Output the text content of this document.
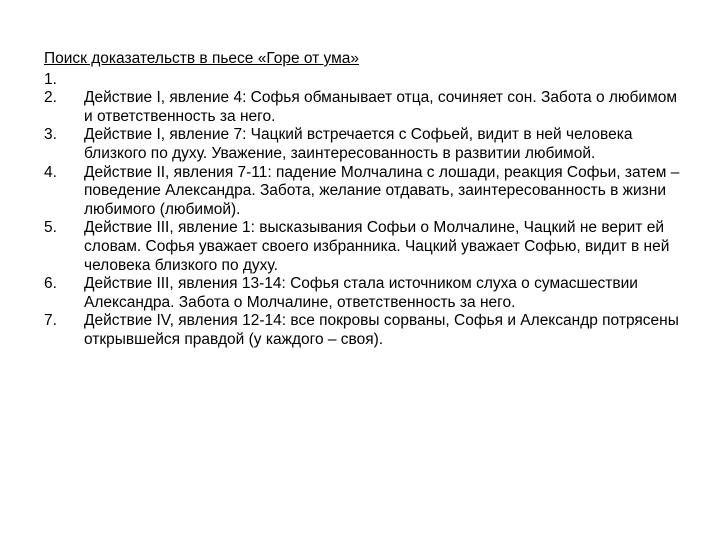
Поиск доказательств в пьесе «Горе от ума»
1.
2.	Действие I, явление 4: Софья обманывает отца, сочиняет сон. Забота о любимом и ответственность за него.
3.	Действие I, явление 7: Чацкий встречается с Софьей, видит в ней человека близкого по духу. Уважение, заинтересованность в развитии любимой.
4.	Действие II, явления 7-11: падение Молчалина с лошади, реакция Софьи, затем – поведение Александра. Забота, желание отдавать, заинтересованность в жизни любимого (любимой).
5.	Действие III, явление 1: высказывания Софьи о Молчалине, Чацкий не верит ей словам. Софья уважает своего избранника. Чацкий уважает Софью, видит в ней человека близкого по духу.
6.	Действие III, явления 13-14: Софья стала источником слуха о сумасшествии Александра. Забота о Молчалине, ответственность за него.
7.	Действие IV, явления 12-14: все покровы сорваны, Софья и Александр потрясены открывшейся правдой (у каждого – своя).
